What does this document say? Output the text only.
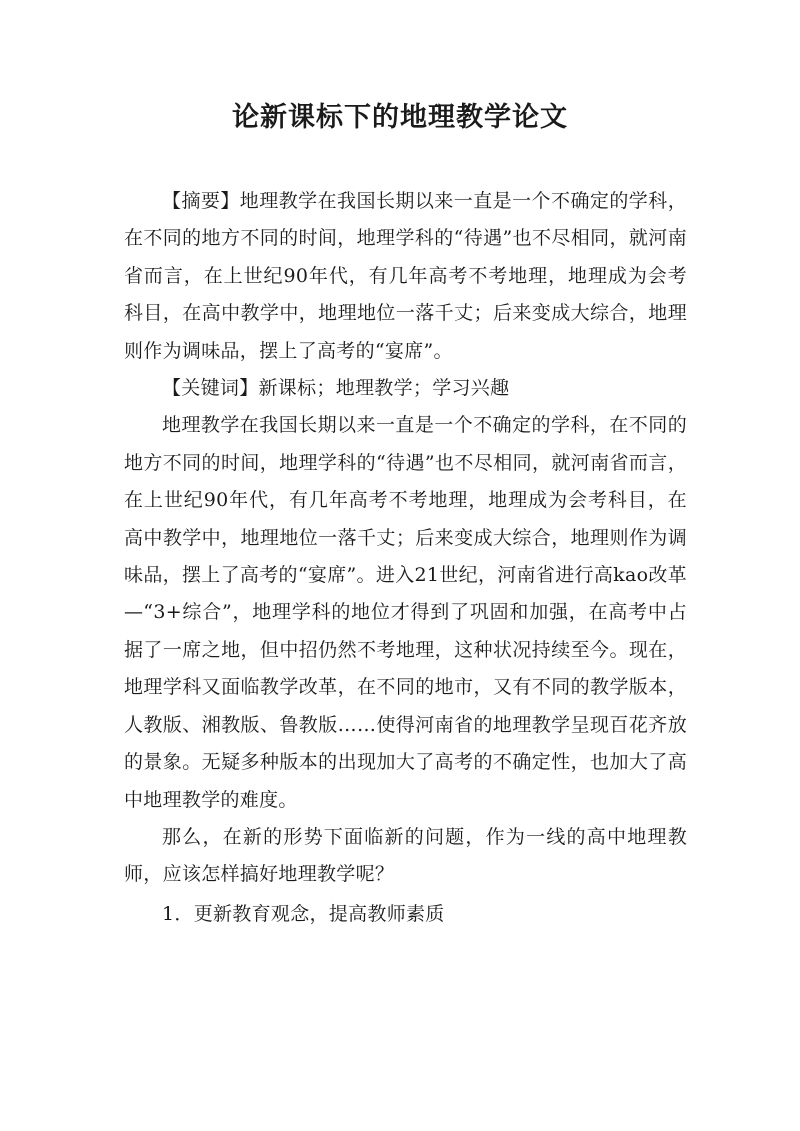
论新课标下的地理教学论文

【摘要】地理教学在我国长期以来一直是一个不确定的学科，在不同的地方不同的时间，地理学科的“待遇”也不尽相同，就河南省而言，在上世纪90年代，有几年高考不考地理，地理成为会考科目，在高中教学中，地理地位一落千丈；后来变成大综合，地理则作为调味品，摆上了高考的“宴席”。

【关键词】新课标；地理教学；学习兴趣

地理教学在我国长期以来一直是一个不确定的学科，在不同的地方不同的时间，地理学科的“待遇”也不尽相同，就河南省而言，在上世纪90年代，有几年高考不考地理，地理成为会考科目，在高中教学中，地理地位一落千丈；后来变成大综合，地理则作为调味品，摆上了高考的“宴席”。进入21世纪，河南省进行高kao改革—“3+综合”，地理学科的地位才得到了巩固和加强，在高考中占据了一席之地，但中招仍然不考地理，这种状况持续至今。现在，地理学科又面临教学改革，在不同的地市，又有不同的教学版本，人教版、湘教版、鲁教版……使得河南省的地理教学呈现百花齐放的景象。无疑多种版本的出现加大了高考的不确定性，也加大了高中地理教学的难度。

那么，在新的形势下面临新的问题，作为一线的高中地理教师，应该怎样搞好地理教学呢？

1．更新教育观念，提高教师素质
